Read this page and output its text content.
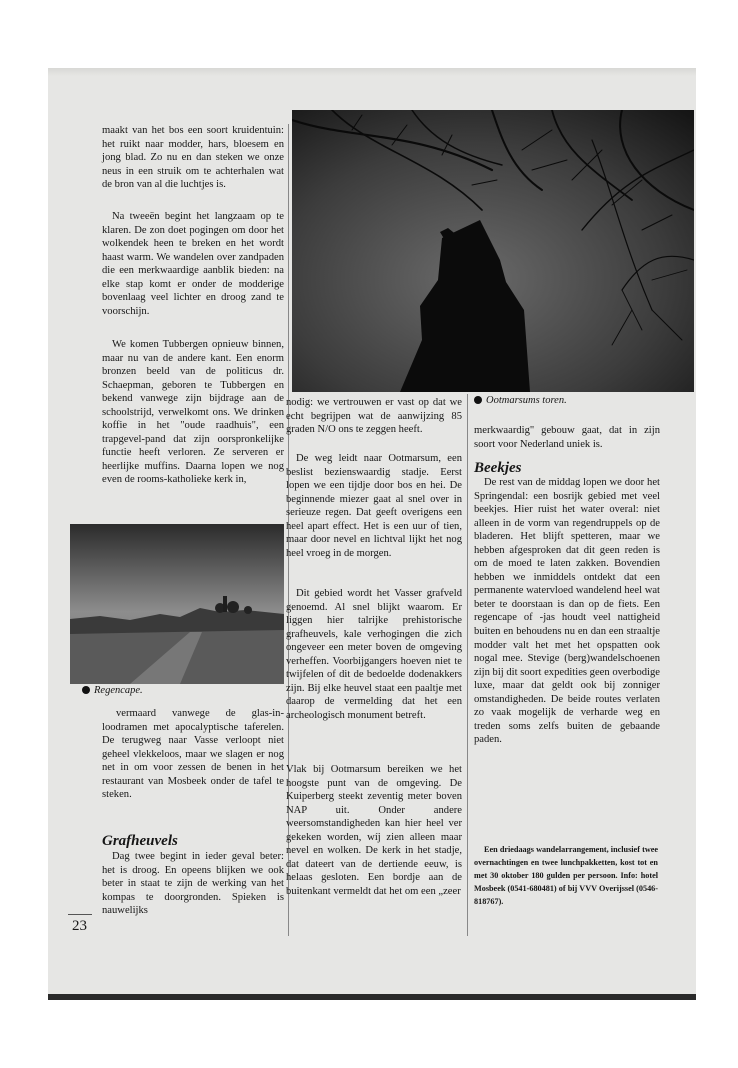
maakt van het bos een soort kruidentuin: het ruikt naar modder, hars, bloesem en jong blad. Zo nu en dan steken we onze neus in een struik om te achterhalen wat de bron van al die luchtjes is.

Na tweeën begint het langzaam op te klaren. De zon doet pogingen om door het wolkendek heen te breken en het wordt haast warm. We wandelen over zandpaden die een merkwaardige aanblik bieden: na elke stap komt er onder de modderige bovenlaag veel lichter en droog zand te voorschijn.

We komen Tubbergen opnieuw binnen, maar nu van de andere kant. Een enorm bronzen beeld van de politicus dr. Schaepman, geboren te Tubbergen en bekend vanwege zijn bijdrage aan de schoolstrijd, verwelkomt ons. We drinken koffie in het "oude raadhuis", een trapgevel-pand dat zijn oorspronkelijke functie heeft verloren. Ze serveren er heerlijke muffins. Daarna lopen we nog even de rooms-katholieke kerk in,

Regencape.

vermaard vanwege de glas-in-loodramen met apocalyptische taferelen. De terugweg naar Vasse verloopt niet geheel vlekkeloos, maar we slagen er nog net in om voor zessen de benen in het restaurant van Mosbeek onder de tafel te steken.

Grafheuvels

Dag twee begint in ieder geval beter: het is droog. En opeens blijken we ook beter in staat te zijn de werking van het kompas te doorgronden. Spieken is nauwelijks

23
Ootmarsums toren.

nodig: we vertrouwen er vast op dat we echt begrijpen wat de aanwijzing 85 graden N/O ons te zeggen heeft.

De weg leidt naar Ootmarsum, een beslist bezienswaardig stadje. Eerst lopen we een tijdje door bos en hei. De beginnende miezer gaat al snel over in serieuze regen. Dat geeft overigens een heel apart effect. Het is een uur of tien, maar door nevel en lichtval lijkt het nog heel vroeg in de morgen.

Dit gebied wordt het Vasser grafveld genoemd. Al snel blijkt waarom. Er liggen hier talrijke prehistorische grafheuvels, kale verhogingen die zich ongeveer een meter boven de omgeving verheffen. Voorbijgangers hoeven niet te twijfelen of dit de bedoelde dodenakkers zijn. Bij elke heuvel staat een paaltje met daarop de vermelding dat het een archeologisch monument betreft.

Vlak bij Ootmarsum bereiken we het hoogste punt van de omgeving. De Kuiperberg steekt zeventig meter boven NAP uit. Onder andere weersomstandigheden kan hier heel ver gekeken worden, wíj zien alleen maar nevel en wolken. De kerk in het stadje, dat dateert van de dertiende eeuw, is helaas gesloten. Een bordje aan de buitenkant vermeldt dat het om een „zeer

merkwaardig" gebouw gaat, dat in zijn soort voor Nederland uniek is.

Beekjes

De rest van de middag lopen we door het Springendal: een bosrijk gebied met veel beekjes. Hier ruist het water overal: niet alleen in de vorm van regendruppels op de bladeren. Het blijft spetteren, maar we hebben afgesproken dat dit geen reden is om de moed te laten zakken. Bovendien hebben we inmiddels ontdekt dat een permanente watervloed wandelend heel wat beter te doorstaan is dan op de fiets. Een regencape of -jas houdt veel nattigheid buiten en behoudens nu en dan een straaltje modder valt het met het opspatten ook nogal mee. Stevige (berg)wandelschoenen zijn bij dit soort expedities geen overbodige luxe, maar dat geldt ook bij zonniger omstandigheden. De beide routes verlaten zo vaak mogelijk de verharde weg en treden soms zelfs buiten de gebaande paden.

Een driedaags wandelarrangement, inclusief twee overnachtingen en twee lunchpakketten, kost tot en met 30 oktober 180 gulden per persoon. Info: hotel Mosbeek (0541-680481) of bij VVV Overijssel (0546-818767).
